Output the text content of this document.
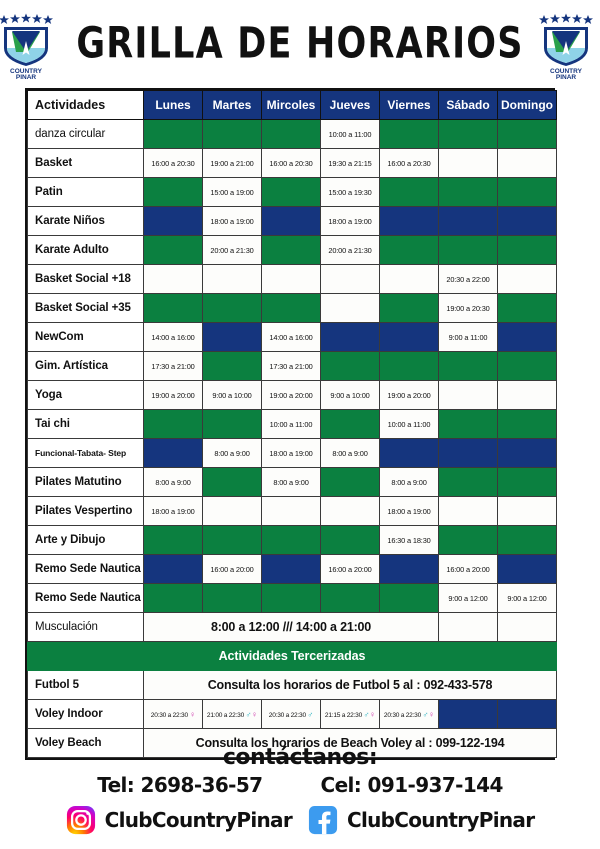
COUNTRY
PINAR
GRILLA DE HORARIOS
COUNTRY
PINAR
Actividades	Lunes	Martes	Mircoles	Jueves	Viernes	Sábado	Domingo
danza circular				10:00 a 11:00			
Basket	16:00 a 20:30	19:00 a 21:00	16:00 a 20:30	19:30 a 21:15	16:00 a 20:30		
Patin		15:00 a 19:00		15:00 a 19:30			
Karate Niños		18:00 a 19:00		18:00 a 19:00			
Karate Adulto		20:00 a 21:30		20:00 a 21:30			
Basket Social +18						20:30 a 22:00	
Basket Social +35						19:00 a 20:30	
NewCom	14:00 a 16:00		14:00 a 16:00			9:00 a 11:00	
Gim. Artística	17:30 a 21:00		17:30 a 21:00				
Yoga	19:00 a 20:00	9:00 a 10:00	19:00 a 20:00	9:00 a 10:00	19:00 a 20:00		
Tai chi			10:00 a 11:00		10:00 a 11:00		
Funcional-Tabata- Step		8:00 a 9:00	18:00 a 19:00	8:00 a 9:00			
Pilates Matutino	8:00 a 9:00		8:00 a 9:00		8:00 a 9:00		
Pilates Vespertino	18:00 a 19:00				18:00 a 19:00		
Arte y Dibujo					16:30 a 18:30		
Remo Sede Nautica		16:00 a 20:00		16:00 a 20:00		16:00 a 20:00	
Remo Sede Nautica						9:00 a 12:00	9:00 a 12:00
Musculación	8:00 a 12:00 /// 14:00 a 21:00						
Actividades Tercerizadas							
Futbol 5	Consulta los horarios de Futbol 5 al : 092-433-578						
Voley Indoor	20:30 a 22:30 ♀	21:00 a 22:30 ♂♀	20:30 a 22:30 ♂	21:15 a 22:30 ♂♀	20:30 a 22:30 ♂♀		
Voley Beach	Consulta los horarios de Beach Voley al : 099-122-194						
contáctanos:
Tel: 2698-36-57	Cel: 091-937-144
ClubCountryPinar	ClubCountryPinar
